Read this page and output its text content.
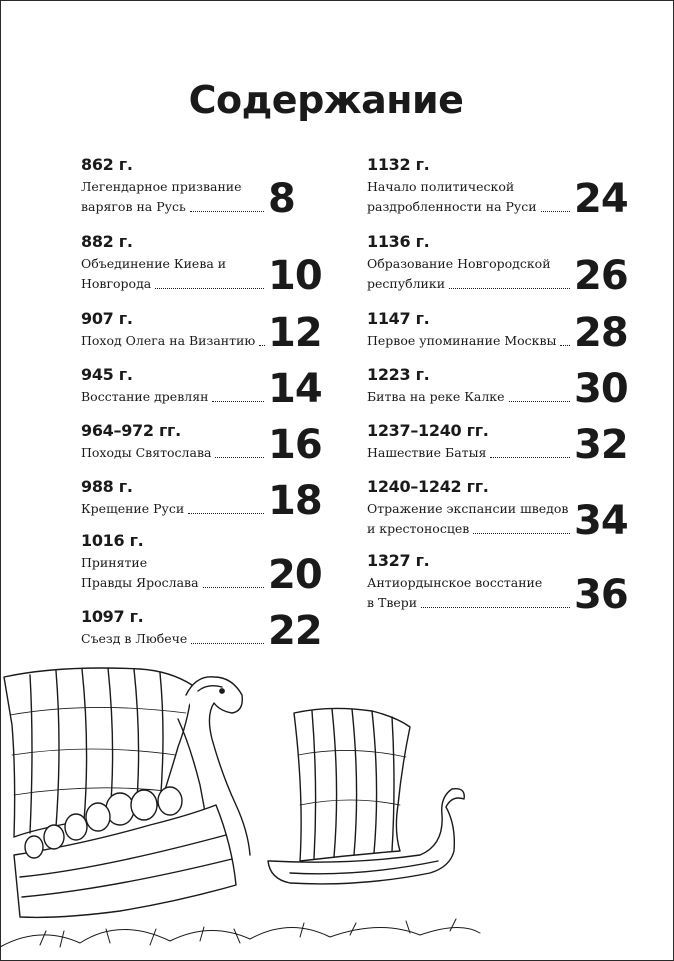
Содержание
862 г.
Легендарное призвание
варягов на Русь 8
882 г.
Объединение Киева и
Новгорода	10
907 г.
Поход Олега на Византию 12
945 г.
Восстание древлян 14
964–972 гг.
Походы Святослава 16
988 г.
Крещение Руси 18
1016 г.
Принятие
Правды Ярослава 20
1097 г.
Съезд в Любече 22
1132 г.
Начало политической
раздробленности на Руси 24
1136 г.
Образование Новгородской
республики	26
1147 г.
Первое упоминание Москвы 28
1223 г.
Битва на реке Калке 30
1237–1240 гг.
Нашествие Батыя 32
1240–1242 гг.
Отражение экспансии шведов
и крестоносцев	34
1327 г.
Антиордынское восстание
в Твери	36
